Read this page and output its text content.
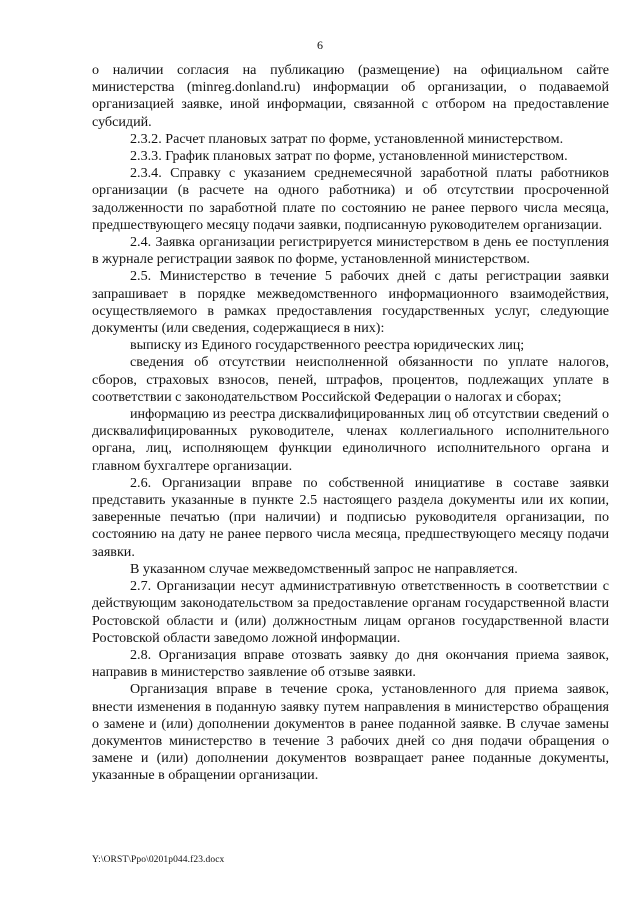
6

о наличии согласия на публикацию (размещение) на официальном сайте министерства (minreg.donland.ru) информации об организации, о подаваемой организацией заявке, иной информации, связанной с отбором на предоставление субсидий.

2.3.2. Расчет плановых затрат по форме, установленной министерством.

2.3.3. График плановых затрат по форме, установленной министерством.

2.3.4. Справку с указанием среднемесячной заработной платы работников организации (в расчете на одного работника) и об отсутствии просроченной задолженности по заработной плате по состоянию не ранее первого числа месяца, предшествующего месяцу подачи заявки, подписанную руководителем организации.

2.4. Заявка организации регистрируется министерством в день ее поступления в журнале регистрации заявок по форме, установленной министерством.

2.5. Министерство в течение 5 рабочих дней с даты регистрации заявки запрашивает в порядке межведомственного информационного взаимодействия, осуществляемого в рамках предоставления государственных услуг, следующие документы (или сведения, содержащиеся в них):

выписку из Единого государственного реестра юридических лиц;

сведения об отсутствии неисполненной обязанности по уплате налогов, сборов, страховых взносов, пеней, штрафов, процентов, подлежащих уплате в соответствии с законодательством Российской Федерации о налогах и сборах;

информацию из реестра дисквалифицированных лиц об отсутствии сведений о дисквалифицированных руководителе, членах коллегиального исполнительного органа, лиц, исполняющем функции единоличного исполнительного органа и главном бухгалтере организации.

2.6. Организации вправе по собственной инициативе в составе заявки представить указанные в пункте 2.5 настоящего раздела документы или их копии, заверенные печатью (при наличии) и подписью руководителя организации, по состоянию на дату не ранее первого числа месяца, предшествующего месяцу подачи заявки.

В указанном случае межведомственный запрос не направляется.

2.7. Организации несут административную ответственность в соответствии с действующим законодательством за предоставление органам государственной власти Ростовской области и (или) должностным лицам органов государственной власти Ростовской области заведомо ложной информации.

2.8. Организация вправе отозвать заявку до дня окончания приема заявок, направив в министерство заявление об отзыве заявки.

Организация вправе в течение срока, установленного для приема заявок, внести изменения в поданную заявку путем направления в министерство обращения о замене и (или) дополнении документов в ранее поданной заявке. В случае замены документов министерство в течение 3 рабочих дней со дня подачи обращения о замене и (или) дополнении документов возвращает ранее поданные документы, указанные в обращении организации.

Y:\ORST\Ppo\0201p044.f23.docx
